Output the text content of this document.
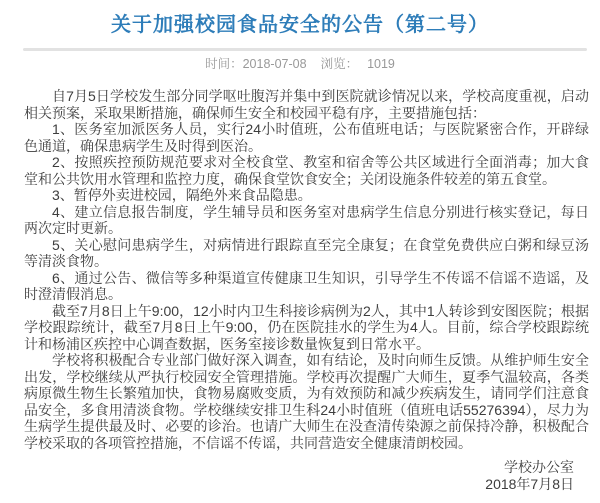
关于加强校园食品安全的公告（第二号）
时间：2018-07-08 浏览： 1019

自7月5日学校发生部分同学呕吐腹泻并集中到医院就诊情况以来，学校高度重视，启动相关预案，采取果断措施，确保师生安全和校园平稳有序，主要措施包括：

1、医务室加派医务人员，实行24小时值班，公布值班电话；与医院紧密合作，开辟绿色通道，确保患病学生及时得到医治。

2、按照疾控预防规范要求对全校食堂、教室和宿舍等公共区域进行全面消毒；加大食堂和公共饮用水管理和监控力度，确保食堂饮食安全；关闭设施条件较差的第五食堂。

3、暂停外卖进校园，隔绝外来食品隐患。

4、建立信息报告制度，学生辅导员和医务室对患病学生信息分别进行核实登记，每日两次定时更新。

5、关心慰问患病学生，对病情进行跟踪直至完全康复；在食堂免费供应白粥和绿豆汤等清淡食物。

6、通过公告、微信等多种渠道宣传健康卫生知识，引导学生不传谣不信谣不造谣，及时澄清假消息。

截至7月8日上午9:00，12小时内卫生科接诊病例为2人，其中1人转诊到安图医院；根据学校跟踪统计，截至7月8日上午9:00，仍在医院挂水的学生为4人。目前，综合学校跟踪统计和杨浦区疾控中心调查数据，医务室接诊数量恢复到日常水平。

学校将积极配合专业部门做好深入调查，如有结论，及时向师生反馈。从维护师生安全出发，学校继续从严执行校园安全管理措施。学校再次提醒广大师生，夏季气温较高，各类病原微生物生长繁殖加快，食物易腐败变质，为有效预防和减少疾病发生，请同学们注意食品安全，多食用清淡食物。学校继续安排卫生科24小时值班（值班电话55276394），尽力为生病学生提供最及时、必要的诊治。也请广大师生在没查清传染源之前保持冷静，积极配合学校采取的各项管控措施，不信谣不传谣，共同营造安全健康清朗校园。

学校办公室
2018年7月8日
